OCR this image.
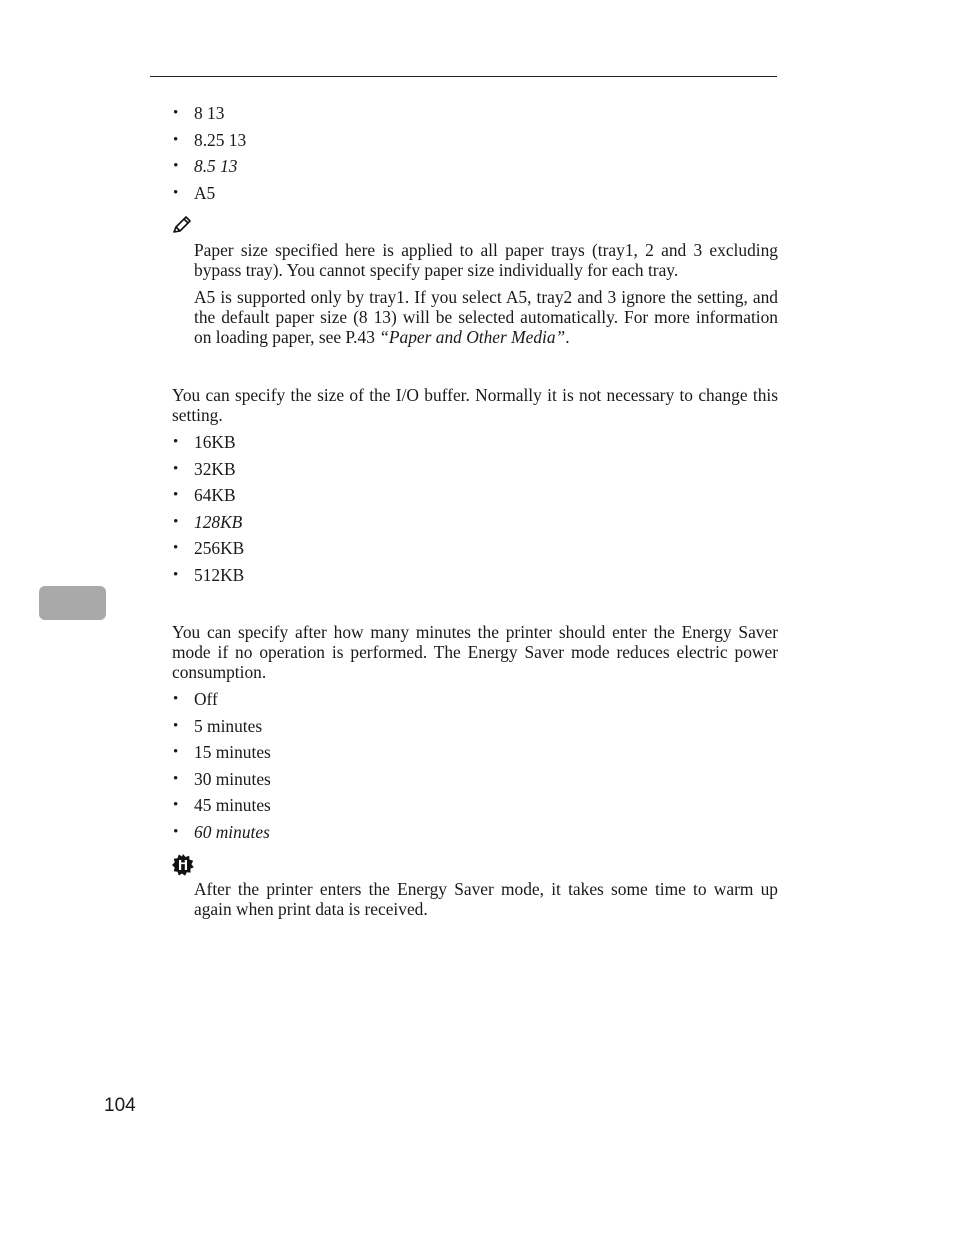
• 8 13
• 8.25 13
• 8.5 13
• A5

Paper size specified here is applied to all paper trays (tray1, 2 and 3 excluding bypass tray). You cannot specify paper size individually for each tray.

A5 is supported only by tray1. If you select A5, tray2 and 3 ignore the setting, and the default paper size (8 13) will be selected automatically. For more information on loading paper, see P.43 “Paper and Other Media”.

You can specify the size of the I/O buffer. Normally it is not necessary to change this setting.

• 16KB
• 32KB
• 64KB
• 128KB
• 256KB
• 512KB

You can specify after how many minutes the printer should enter the Energy Saver mode if no operation is performed. The Energy Saver mode reduces electric power consumption.

• Off
• 5 minutes
• 15 minutes
• 30 minutes
• 45 minutes
• 60 minutes

After the printer enters the Energy Saver mode, it takes some time to warm up again when print data is received.

104
